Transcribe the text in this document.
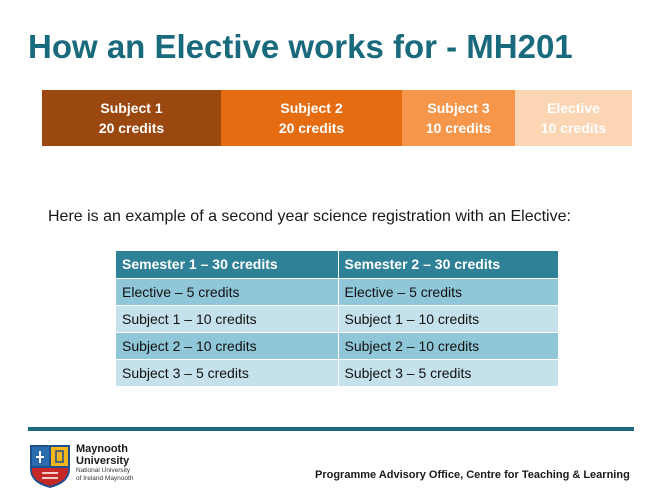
How an Elective works for - MH201
Subject 1
20 credits
Subject 2
20 credits
Subject 3
10 credits
Elective
10 credits
Here is an example of a second year science registration with an Elective:
Semester 1 – 30 credits	Semester 2 – 30 credits
Elective – 5 credits	Elective – 5 credits
Subject 1 – 10 credits	Subject 1 – 10 credits
Subject 2 – 10 credits	Subject 2 – 10 credits
Subject 3 – 5 credits	Subject 3 – 5 credits
Maynooth
University
National University
of Ireland Maynooth	Programme Advisory Office, Centre for Teaching & Learning
